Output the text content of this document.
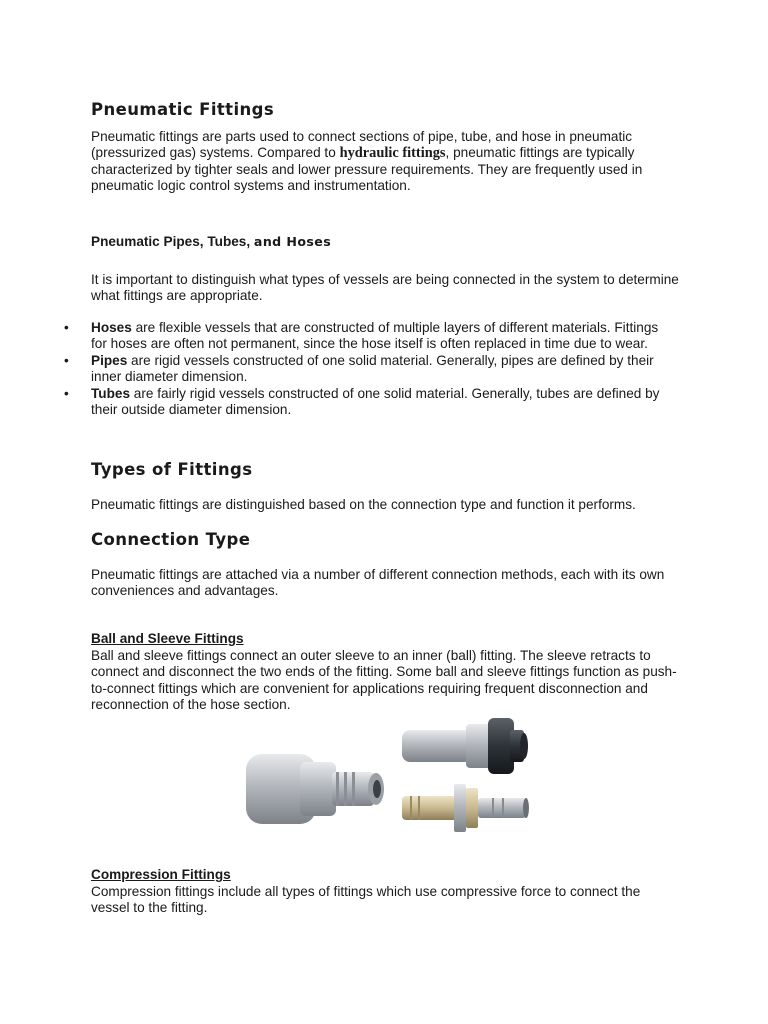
Pneumatic Fittings

Pneumatic fittings are parts used to connect sections of pipe, tube, and hose in pneumatic (pressurized gas) systems. Compared to hydraulic fittings, pneumatic fittings are typically characterized by tighter seals and lower pressure requirements. They are frequently used in pneumatic logic control systems and instrumentation.

Pneumatic Pipes, Tubes, and Hoses

It is important to distinguish what types of vessels are being connected in the system to determine what fittings are appropriate.

• Hoses are flexible vessels that are constructed of multiple layers of different materials. Fittings for hoses are often not permanent, since the hose itself is often replaced in time due to wear.
• Pipes are rigid vessels constructed of one solid material. Generally, pipes are defined by their inner diameter dimension.
• Tubes are fairly rigid vessels constructed of one solid material. Generally, tubes are defined by their outside diameter dimension.
Types of Fittings

Pneumatic fittings are distinguished based on the connection type and function it performs.

Connection Type

Pneumatic fittings are attached via a number of different connection methods, each with its own conveniences and advantages.

Ball and Sleeve Fittings

Ball and sleeve fittings connect an outer sleeve to an inner (ball) fitting. The sleeve retracts to connect and disconnect the two ends of the fitting. Some ball and sleeve fittings function as push-to-connect fittings which are convenient for applications requiring frequent disconnection and reconnection of the hose section.

Compression Fittings

Compression fittings include all types of fittings which use compressive force to connect the vessel to the fitting.
